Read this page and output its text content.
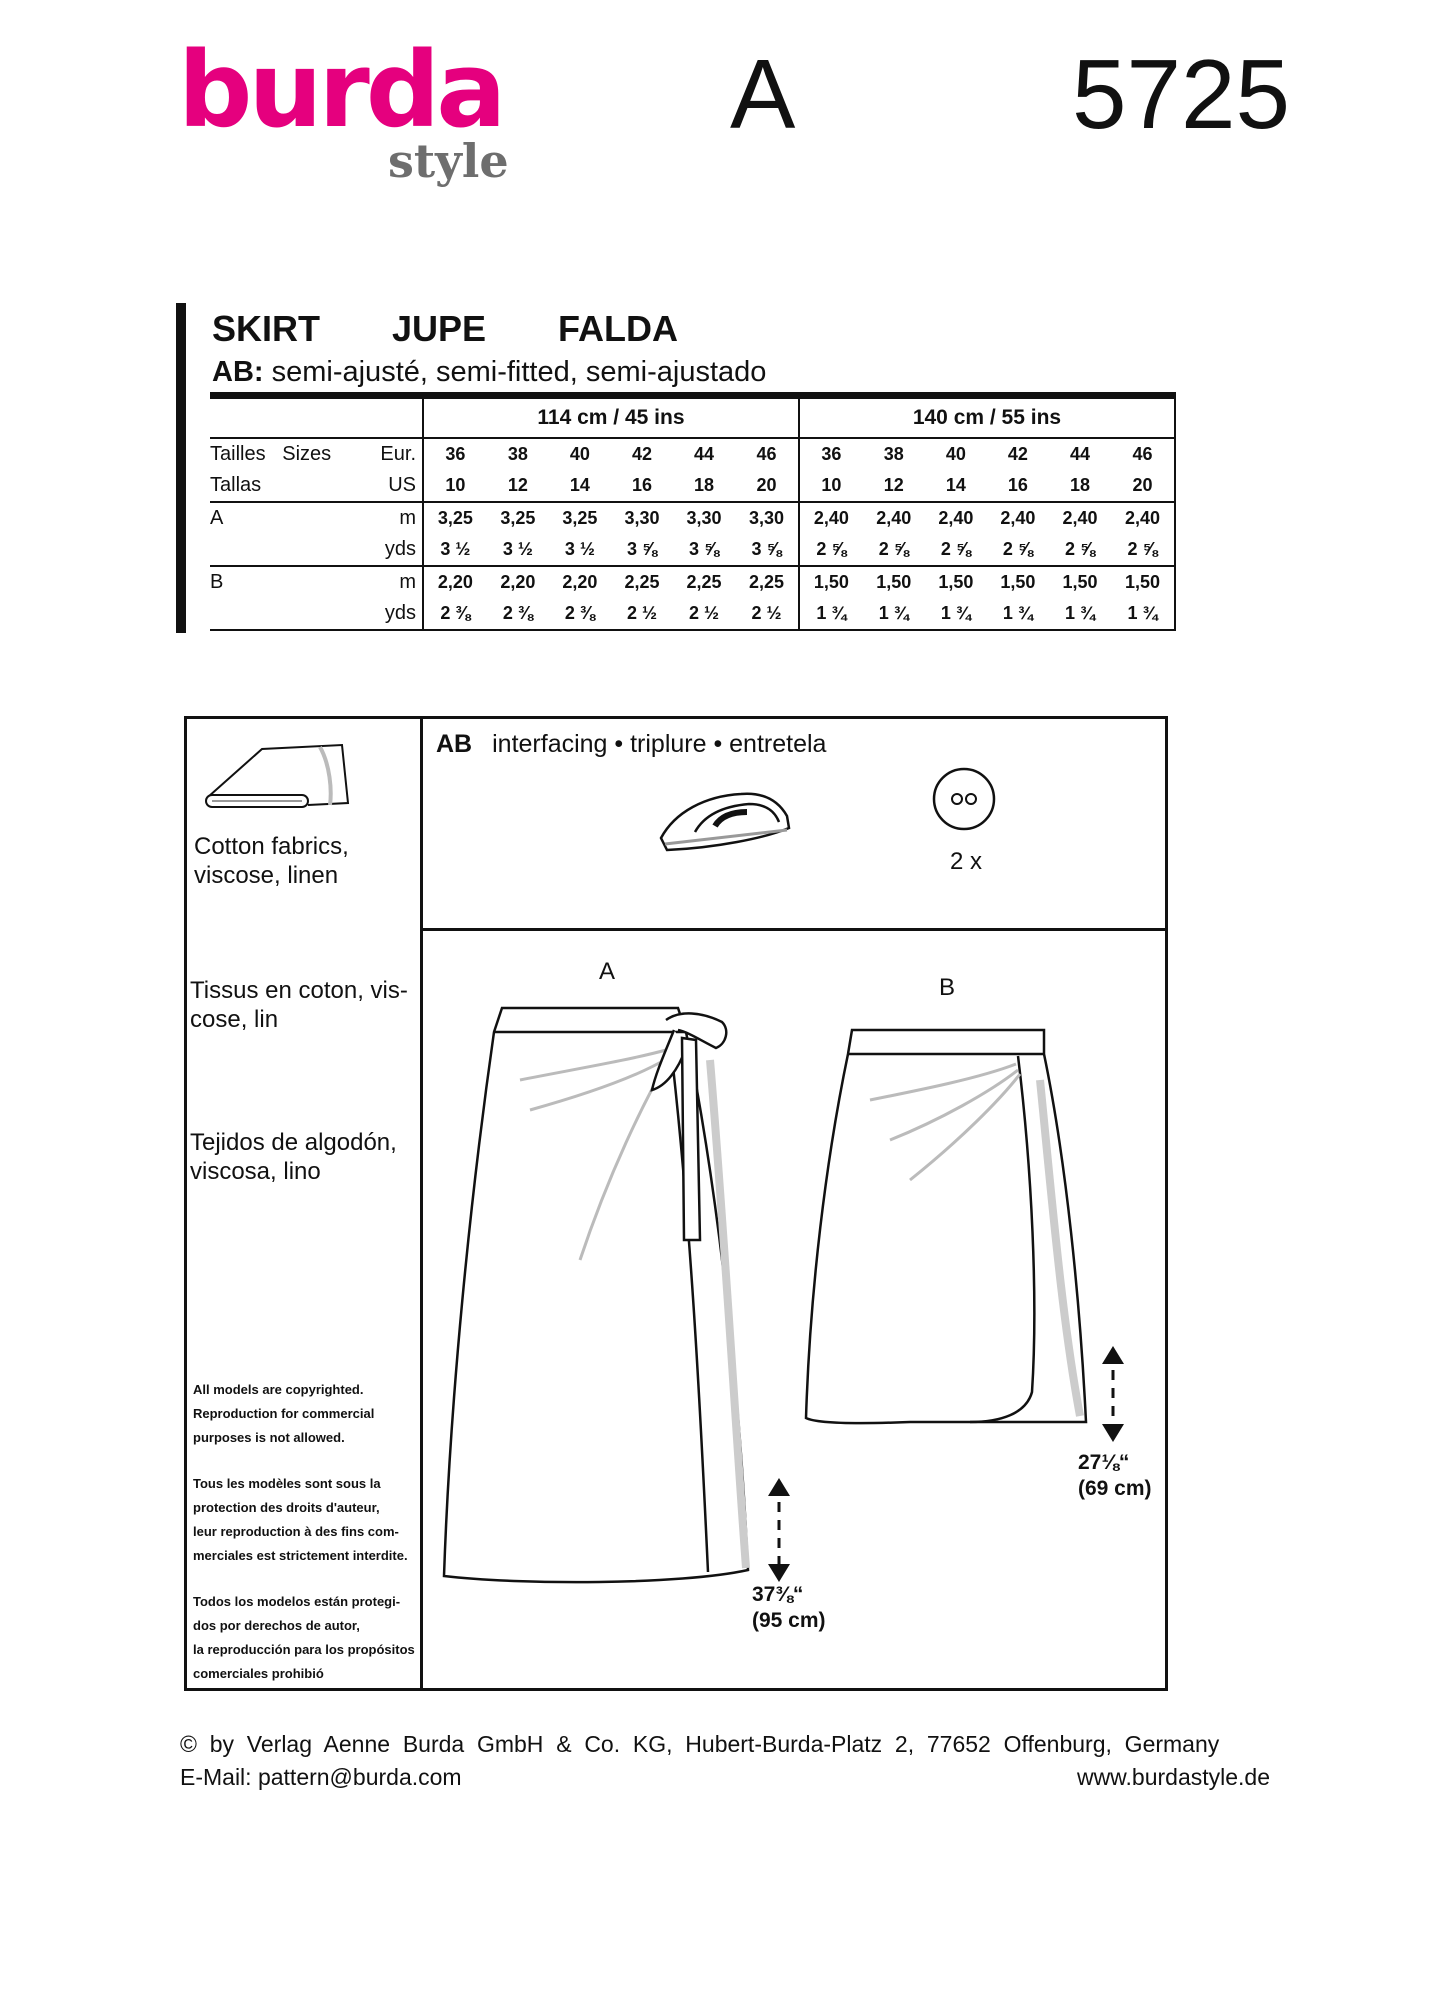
burda
style
A	5725
SKIRT   JUPE   FALDA
AB: semi-ajusté, semi-fitted, semi-ajustado
		114 cm / 45 ins						140 cm / 55 ins					
Tailles   Sizes	Eur.	36	38	40	42	44	46	36	38	40	42	44	46
Tallas	US	10	12	14	16	18	20	10	12	14	16	18	20
A	m	3,25	3,25	3,25	3,30	3,30	3,30	2,40	2,40	2,40	2,40	2,40	2,40
	yds	3 ½	3 ½	3 ½	3 ⅝	3 ⅝	3 ⅝	2 ⅝	2 ⅝	2 ⅝	2 ⅝	2 ⅝	2 ⅝
B	m	2,20	2,20	2,20	2,25	2,25	2,25	1,50	1,50	1,50	1,50	1,50	1,50
	yds	2 ⅜	2 ⅜	2 ⅜	2 ½	2 ½	2 ½	1 ¾	1 ¾	1 ¾	1 ¾	1 ¾	1 ¾
Cotton fabrics,
viscose, linen
Tissus en coton, vis-
cose, lin
Tejidos de algodón,
viscosa, lino
All models are copyrighted.
Reproduction for commercial
purposes is not allowed.
Tous les modèles sont sous la
protection des droits d'auteur,
leur reproduction à des fins com-
merciales est strictement interdite.
Todos los modelos están protegi-
dos por derechos de autor,
la reproducción para los propósitos
comerciales prohibió
AB interfacing • triplure • entretela
2 x
A
B
37⅜“
(95 cm)
27⅛“
(69 cm)
©  by  Verlag  Aenne  Burda  GmbH  &  Co.  KG,  Hubert-Burda-Platz  2,  77652  Offenburg,  Germany
E-Mail: pattern@burda.com	www.burdastyle.de
